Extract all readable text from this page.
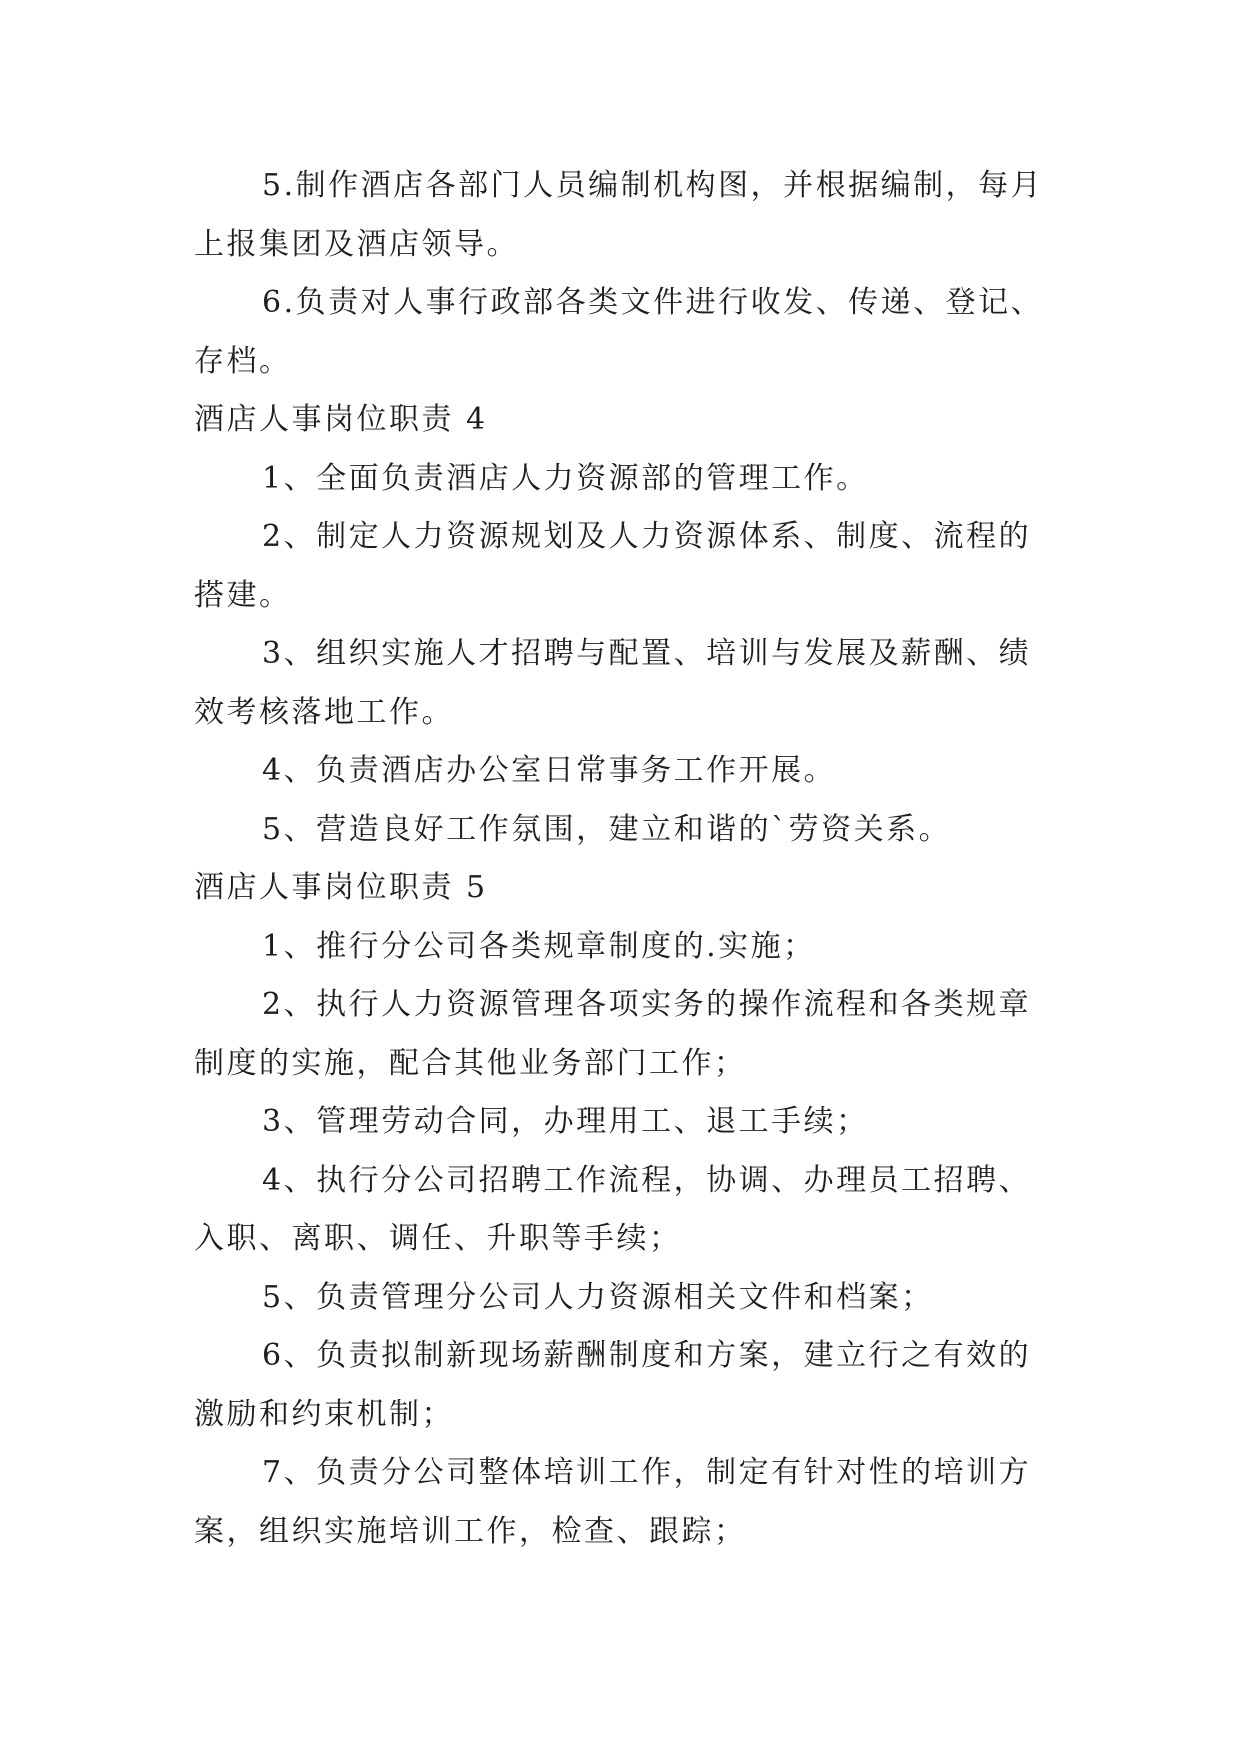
5.制作酒店各部门人员编制机构图，并根据编制，每月
上报集团及酒店领导。
6.负责对人事行政部各类文件进行收发、传递、登记、
存档。
酒店人事岗位职责 4
1、全面负责酒店人力资源部的管理工作。
2、制定人力资源规划及人力资源体系、制度、流程的
搭建。
3、组织实施人才招聘与配置、培训与发展及薪酬、绩
效考核落地工作。
4、负责酒店办公室日常事务工作开展。
5、营造良好工作氛围，建立和谐的`劳资关系。
酒店人事岗位职责 5
1、推行分公司各类规章制度的.实施；
2、执行人力资源管理各项实务的操作流程和各类规章
制度的实施，配合其他业务部门工作；
3、管理劳动合同，办理用工、退工手续；
4、执行分公司招聘工作流程，协调、办理员工招聘、
入职、离职、调任、升职等手续；
5、负责管理分公司人力资源相关文件和档案；
6、负责拟制新现场薪酬制度和方案，建立行之有效的
激励和约束机制；
7、负责分公司整体培训工作，制定有针对性的培训方
案，组织实施培训工作，检查、跟踪；
